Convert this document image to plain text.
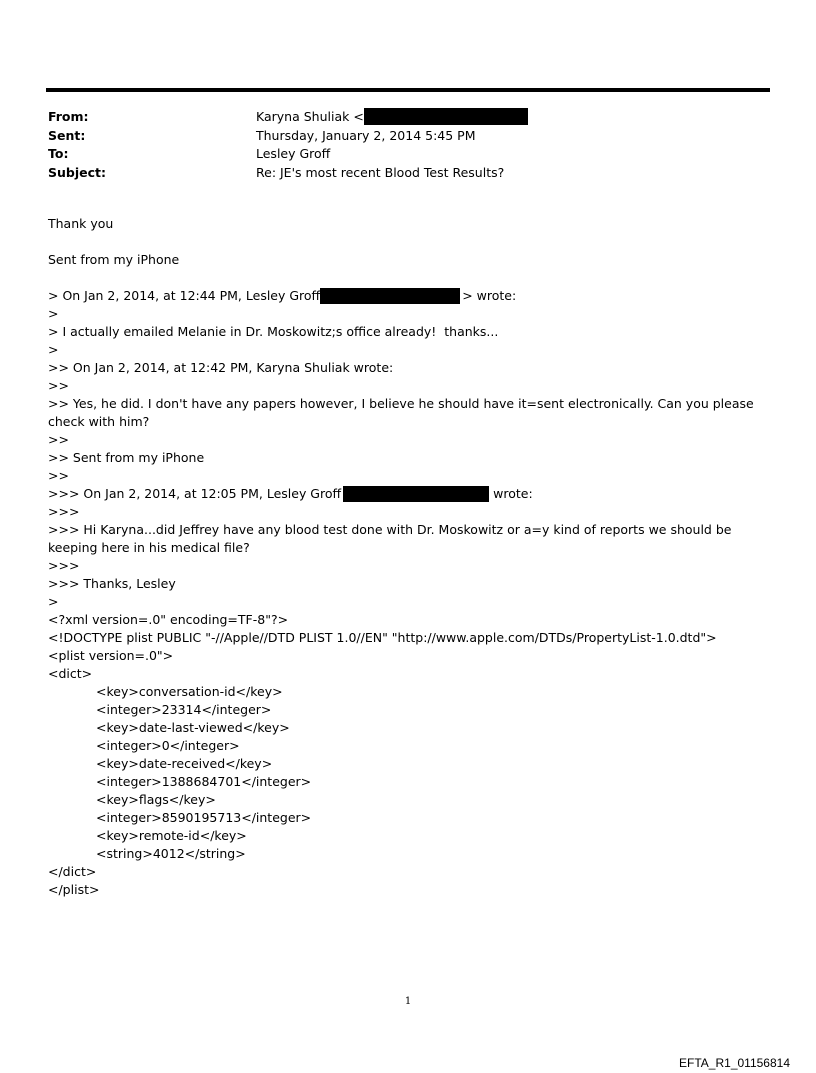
From:	Karyna Shuliak <
Sent:	Thursday, January 2, 2014 5:45 PM
To:	Lesley Groff
Subject:	Re: JE's most recent Blood Test Results?
Thank you
Sent from my iPhone
> On Jan 2, 2014, at 12:44 PM, Lesley Groff	> wrote:
>
> I actually emailed Melanie in Dr. Moskowitz;s office already!  thanks...
>
>> On Jan 2, 2014, at 12:42 PM, Karyna Shuliak wrote:
>>
>> Yes, he did. I don't have any papers however, I believe he should have it=sent electronically. Can you please check with him?
>>
>> Sent from my iPhone
>>
>>> On Jan 2, 2014, at 12:05 PM, Lesley Groff	wrote:
>>>
>>> Hi Karyna...did Jeffrey have any blood test done with Dr. Moskowitz or a=y kind of reports we should be keeping here in his medical file?
>>>
>>> Thanks, Lesley
>
<?xml version=.0" encoding=TF-8"?>
<!DOCTYPE plist PUBLIC "-//Apple//DTD PLIST 1.0//EN" "http://www.apple.com/DTDs/PropertyList-1.0.dtd">
<plist version=.0">
<dict>
<key>conversation-id</key>
<integer>23314</integer>
<key>date-last-viewed</key>
<integer>0</integer>
<key>date-received</key>
<integer>1388684701</integer>
<key>flags</key>
<integer>8590195713</integer>
<key>remote-id</key>
<string>4012</string>
</dict>
</plist>
1
EFTA_R1_01156814
